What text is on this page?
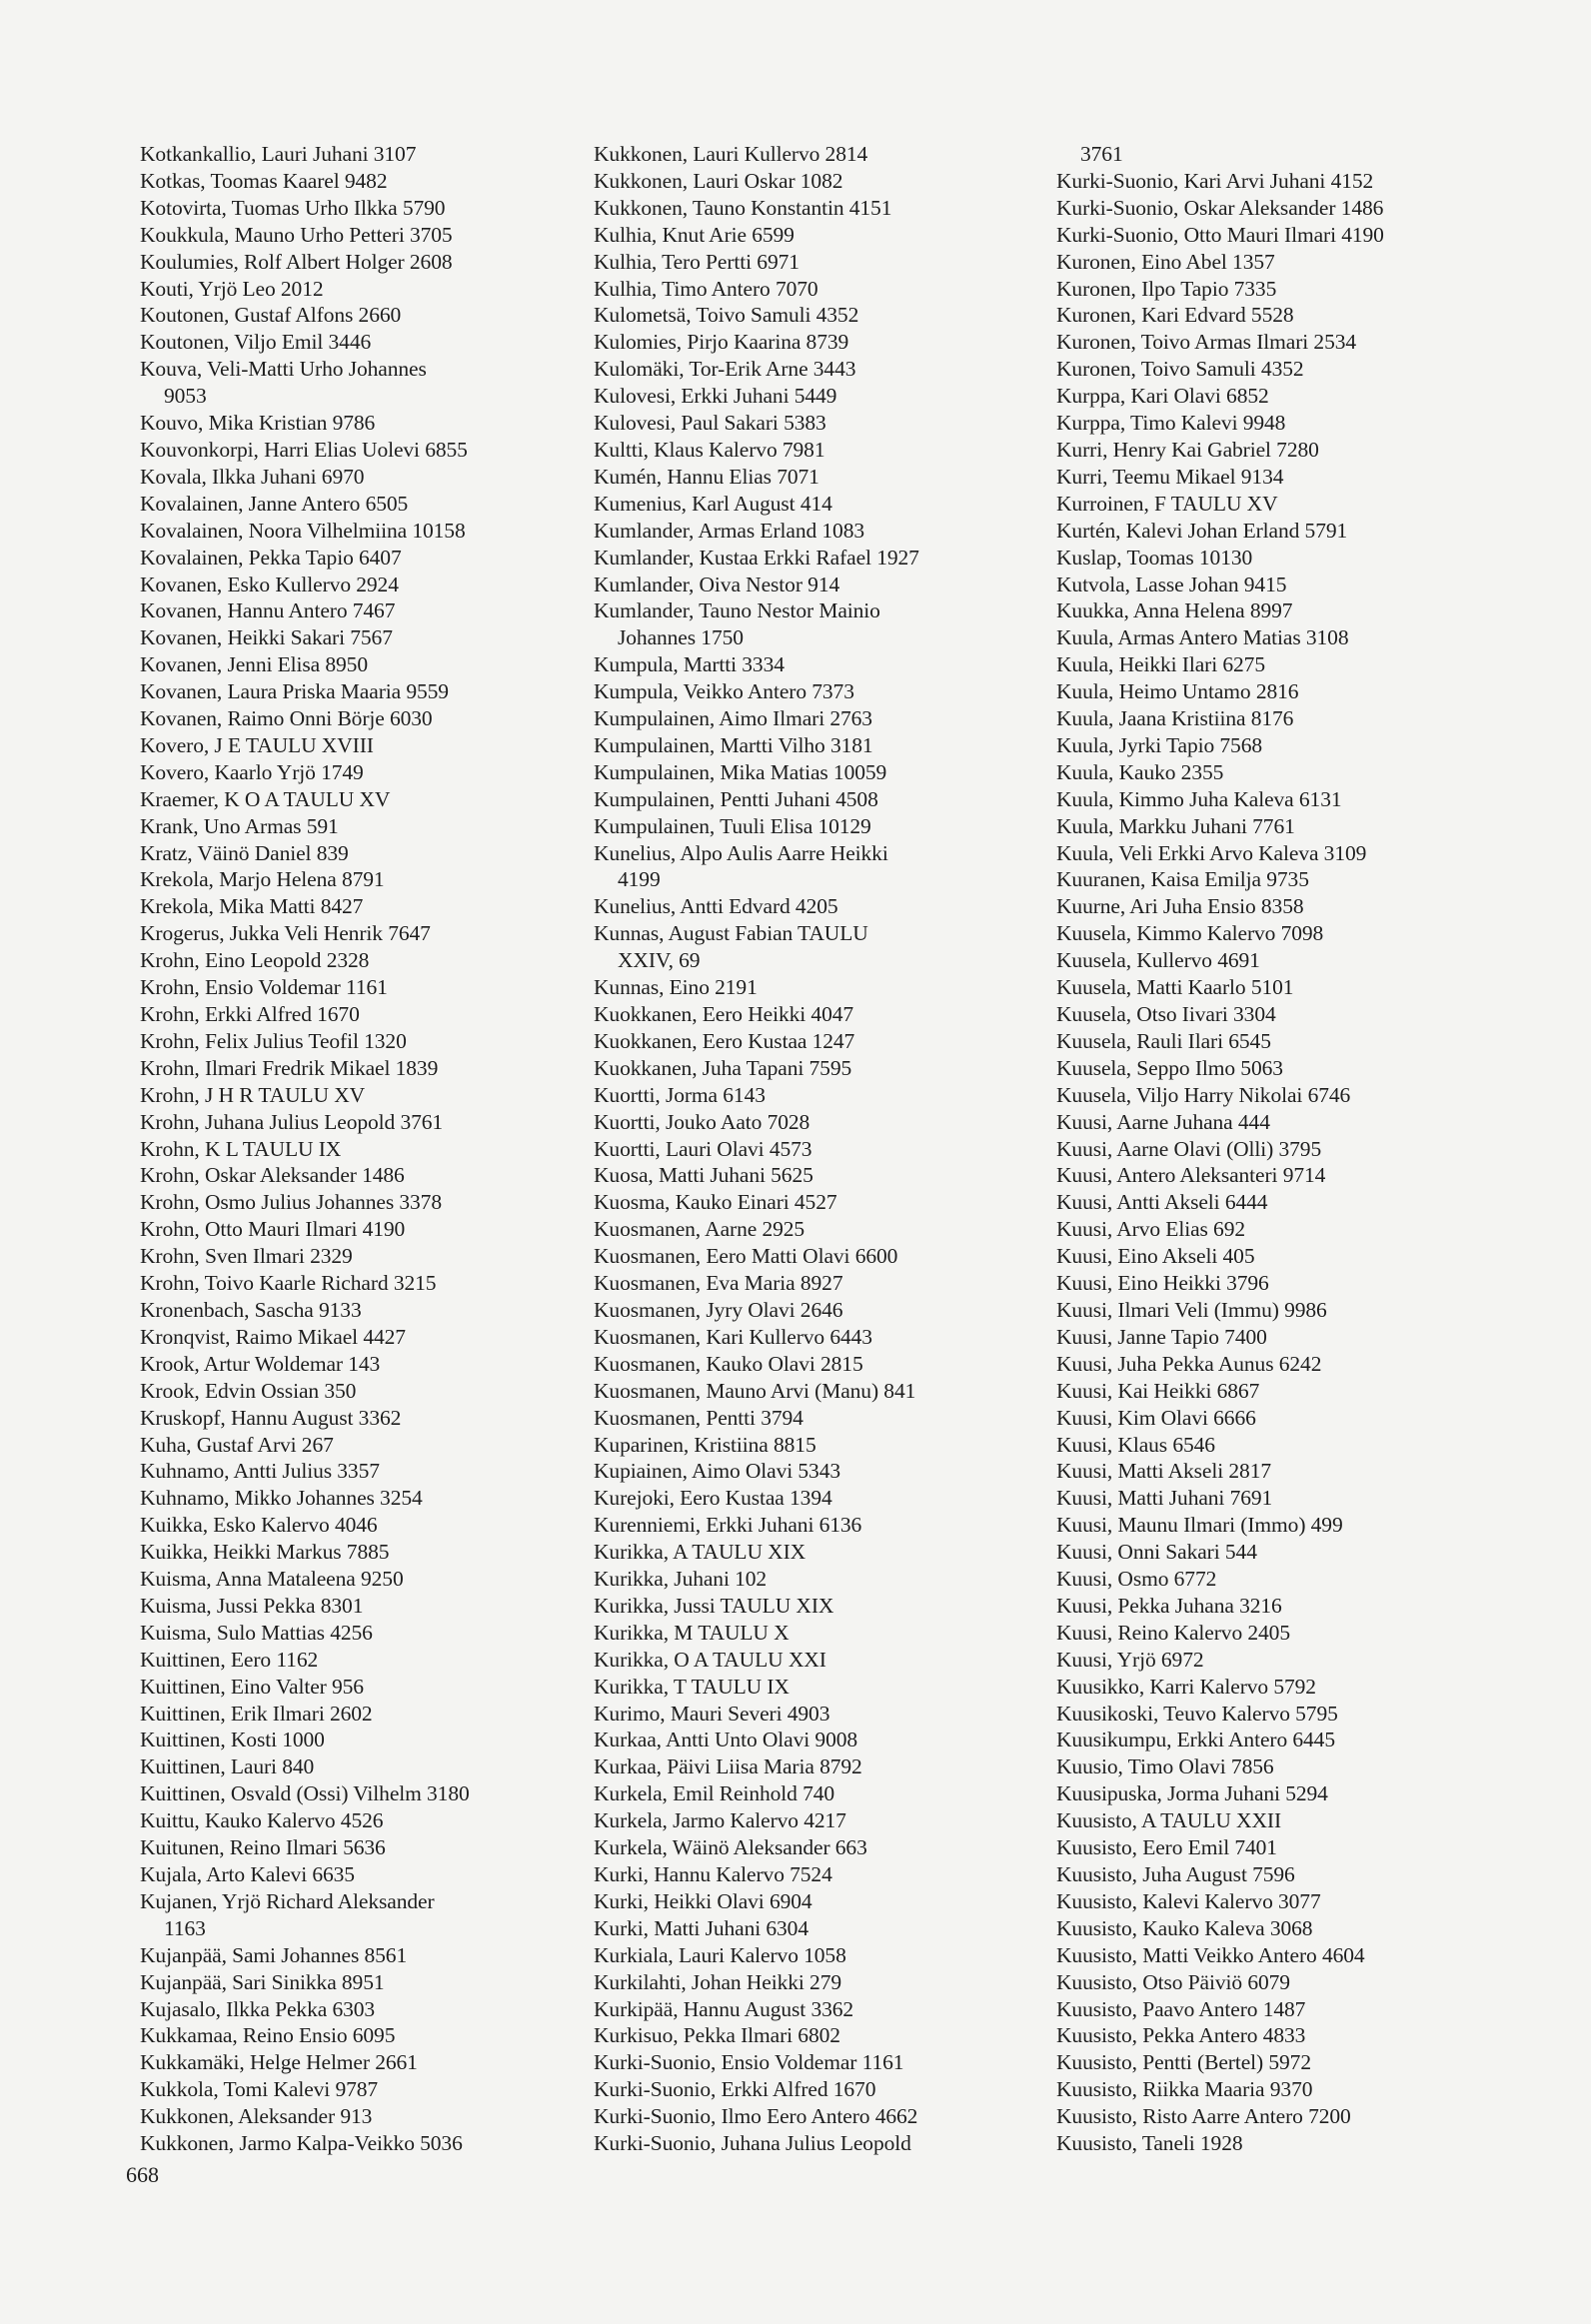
Kotkankallio, Lauri Juhani 3107
Kotkas, Toomas Kaarel 9482
Kotovirta, Tuomas Urho Ilkka 5790
Koukkula, Mauno Urho Petteri 3705
Koulumies, Rolf Albert Holger 2608
Kouti, Yrjö Leo 2012
Koutonen, Gustaf Alfons 2660
Koutonen, Viljo Emil 3446
Kouva, Veli-Matti Urho Johannes
9053
Kouvo, Mika Kristian 9786
Kouvonkorpi, Harri Elias Uolevi 6855
Kovala, Ilkka Juhani 6970
Kovalainen, Janne Antero 6505
Kovalainen, Noora Vilhelmiina 10158
Kovalainen, Pekka Tapio 6407
Kovanen, Esko Kullervo 2924
Kovanen, Hannu Antero 7467
Kovanen, Heikki Sakari 7567
Kovanen, Jenni Elisa 8950
Kovanen, Laura Priska Maaria 9559
Kovanen, Raimo Onni Börje 6030
Kovero, J E TAULU XVIII
Kovero, Kaarlo Yrjö 1749
Kraemer, K O A TAULU XV
Krank, Uno Armas 591
Kratz, Väinö Daniel 839
Krekola, Marjo Helena 8791
Krekola, Mika Matti 8427
Krogerus, Jukka Veli Henrik 7647
Krohn, Eino Leopold 2328
Krohn, Ensio Voldemar 1161
Krohn, Erkki Alfred 1670
Krohn, Felix Julius Teofil 1320
Krohn, Ilmari Fredrik Mikael 1839
Krohn, J H R TAULU XV
Krohn, Juhana Julius Leopold 3761
Krohn, K L TAULU IX
Krohn, Oskar Aleksander 1486
Krohn, Osmo Julius Johannes 3378
Krohn, Otto Mauri Ilmari 4190
Krohn, Sven Ilmari 2329
Krohn, Toivo Kaarle Richard 3215
Kronenbach, Sascha 9133
Kronqvist, Raimo Mikael 4427
Krook, Artur Woldemar 143
Krook, Edvin Ossian 350
Kruskopf, Hannu August 3362
Kuha, Gustaf Arvi 267
Kuhnamo, Antti Julius 3357
Kuhnamo, Mikko Johannes 3254
Kuikka, Esko Kalervo 4046
Kuikka, Heikki Markus 7885
Kuisma, Anna Mataleena 9250
Kuisma, Jussi Pekka 8301
Kuisma, Sulo Mattias 4256
Kuittinen, Eero 1162
Kuittinen, Eino Valter 956
Kuittinen, Erik Ilmari 2602
Kuittinen, Kosti 1000
Kuittinen, Lauri 840
Kuittinen, Osvald (Ossi) Vilhelm 3180
Kuittu, Kauko Kalervo 4526
Kuitunen, Reino Ilmari 5636
Kujala, Arto Kalevi 6635
Kujanen, Yrjö Richard Aleksander
1163
Kujanpää, Sami Johannes 8561
Kujanpää, Sari Sinikka 8951
Kujasalo, Ilkka Pekka 6303
Kukkamaa, Reino Ensio 6095
Kukkamäki, Helge Helmer 2661
Kukkola, Tomi Kalevi 9787
Kukkonen, Aleksander 913
Kukkonen, Jarmo Kalpa-Veikko 5036
Kukkonen, Lauri Kullervo 2814
Kukkonen, Lauri Oskar 1082
Kukkonen, Tauno Konstantin 4151
Kulhia, Knut Arie 6599
Kulhia, Tero Pertti 6971
Kulhia, Timo Antero 7070
Kulometsä, Toivo Samuli 4352
Kulomies, Pirjo Kaarina 8739
Kulomäki, Tor-Erik Arne 3443
Kulovesi, Erkki Juhani 5449
Kulovesi, Paul Sakari 5383
Kultti, Klaus Kalervo 7981
Kumén, Hannu Elias 7071
Kumenius, Karl August 414
Kumlander, Armas Erland 1083
Kumlander, Kustaa Erkki Rafael 1927
Kumlander, Oiva Nestor 914
Kumlander, Tauno Nestor Mainio
Johannes 1750
Kumpula, Martti 3334
Kumpula, Veikko Antero 7373
Kumpulainen, Aimo Ilmari 2763
Kumpulainen, Martti Vilho 3181
Kumpulainen, Mika Matias 10059
Kumpulainen, Pentti Juhani 4508
Kumpulainen, Tuuli Elisa 10129
Kunelius, Alpo Aulis Aarre Heikki
4199
Kunelius, Antti Edvard 4205
Kunnas, August Fabian TAULU
XXIV, 69
Kunnas, Eino 2191
Kuokkanen, Eero Heikki 4047
Kuokkanen, Eero Kustaa 1247
Kuokkanen, Juha Tapani 7595
Kuortti, Jorma 6143
Kuortti, Jouko Aato 7028
Kuortti, Lauri Olavi 4573
Kuosa, Matti Juhani 5625
Kuosma, Kauko Einari 4527
Kuosmanen, Aarne 2925
Kuosmanen, Eero Matti Olavi 6600
Kuosmanen, Eva Maria 8927
Kuosmanen, Jyry Olavi 2646
Kuosmanen, Kari Kullervo 6443
Kuosmanen, Kauko Olavi 2815
Kuosmanen, Mauno Arvi (Manu) 841
Kuosmanen, Pentti 3794
Kuparinen, Kristiina 8815
Kupiainen, Aimo Olavi 5343
Kurejoki, Eero Kustaa 1394
Kurenniemi, Erkki Juhani 6136
Kurikka, A TAULU XIX
Kurikka, Juhani 102
Kurikka, Jussi TAULU XIX
Kurikka, M TAULU X
Kurikka, O A TAULU XXI
Kurikka, T TAULU IX
Kurimo, Mauri Severi 4903
Kurkaa, Antti Unto Olavi 9008
Kurkaa, Päivi Liisa Maria 8792
Kurkela, Emil Reinhold 740
Kurkela, Jarmo Kalervo 4217
Kurkela, Wäinö Aleksander 663
Kurki, Hannu Kalervo 7524
Kurki, Heikki Olavi 6904
Kurki, Matti Juhani 6304
Kurkiala, Lauri Kalervo 1058
Kurkilahti, Johan Heikki 279
Kurkipää, Hannu August 3362
Kurkisuo, Pekka Ilmari 6802
Kurki-Suonio, Ensio Voldemar 1161
Kurki-Suonio, Erkki Alfred 1670
Kurki-Suonio, Ilmo Eero Antero 4662
Kurki-Suonio, Juhana Julius Leopold
3761
Kurki-Suonio, Kari Arvi Juhani 4152
Kurki-Suonio, Oskar Aleksander 1486
Kurki-Suonio, Otto Mauri Ilmari 4190
Kuronen, Eino Abel 1357
Kuronen, Ilpo Tapio 7335
Kuronen, Kari Edvard 5528
Kuronen, Toivo Armas Ilmari 2534
Kuronen, Toivo Samuli 4352
Kurppa, Kari Olavi 6852
Kurppa, Timo Kalevi 9948
Kurri, Henry Kai Gabriel 7280
Kurri, Teemu Mikael 9134
Kurroinen, F TAULU XV
Kurtén, Kalevi Johan Erland 5791
Kuslap, Toomas 10130
Kutvola, Lasse Johan 9415
Kuukka, Anna Helena 8997
Kuula, Armas Antero Matias 3108
Kuula, Heikki Ilari 6275
Kuula, Heimo Untamo 2816
Kuula, Jaana Kristiina 8176
Kuula, Jyrki Tapio 7568
Kuula, Kauko 2355
Kuula, Kimmo Juha Kaleva 6131
Kuula, Markku Juhani 7761
Kuula, Veli Erkki Arvo Kaleva 3109
Kuuranen, Kaisa Emilja 9735
Kuurne, Ari Juha Ensio 8358
Kuusela, Kimmo Kalervo 7098
Kuusela, Kullervo 4691
Kuusela, Matti Kaarlo 5101
Kuusela, Otso Iivari 3304
Kuusela, Rauli Ilari 6545
Kuusela, Seppo Ilmo 5063
Kuusela, Viljo Harry Nikolai 6746
Kuusi, Aarne Juhana 444
Kuusi, Aarne Olavi (Olli) 3795
Kuusi, Antero Aleksanteri 9714
Kuusi, Antti Akseli 6444
Kuusi, Arvo Elias 692
Kuusi, Eino Akseli 405
Kuusi, Eino Heikki 3796
Kuusi, Ilmari Veli (Immu) 9986
Kuusi, Janne Tapio 7400
Kuusi, Juha Pekka Aunus 6242
Kuusi, Kai Heikki 6867
Kuusi, Kim Olavi 6666
Kuusi, Klaus 6546
Kuusi, Matti Akseli 2817
Kuusi, Matti Juhani 7691
Kuusi, Maunu Ilmari (Immo) 499
Kuusi, Onni Sakari 544
Kuusi, Osmo 6772
Kuusi, Pekka Juhana 3216
Kuusi, Reino Kalervo 2405
Kuusi, Yrjö 6972
Kuusikko, Karri Kalervo 5792
Kuusikoski, Teuvo Kalervo 5795
Kuusikumpu, Erkki Antero 6445
Kuusio, Timo Olavi 7856
Kuusipuska, Jorma Juhani 5294
Kuusisto, A TAULU XXII
Kuusisto, Eero Emil 7401
Kuusisto, Juha August 7596
Kuusisto, Kalevi Kalervo 3077
Kuusisto, Kauko Kaleva 3068
Kuusisto, Matti Veikko Antero 4604
Kuusisto, Otso Päiviö 6079
Kuusisto, Paavo Antero 1487
Kuusisto, Pekka Antero 4833
Kuusisto, Pentti (Bertel) 5972
Kuusisto, Riikka Maaria 9370
Kuusisto, Risto Aarre Antero 7200
Kuusisto, Taneli 1928
668
